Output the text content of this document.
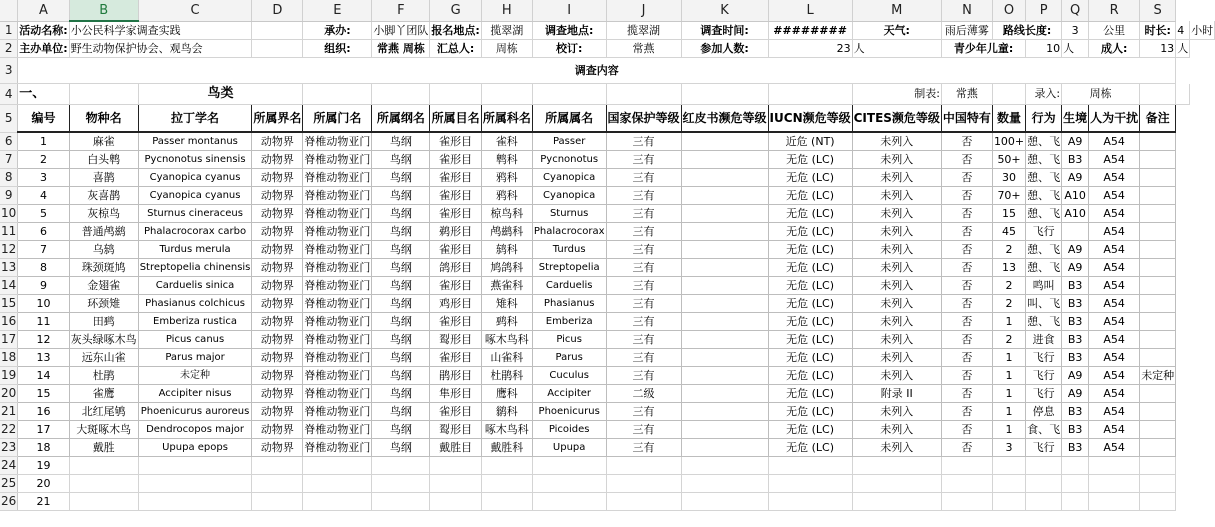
	A	B	C	D	E	F	G	H	I	J	K	L	M	N	O	P	Q	R	S		
1	活动名称:	小公民科学家调查实践			承办:	小脚丫团队	报名地点:	揽翠湖	调查地点:	揽翠湖	调查时间:	########	天气:	雨后薄雾	路线长度:		3	公里	时长:	4	小时
2	主办单位:	野生动物保护协会、观鸟会			组织:	常燕 周栋	汇总人:	周栋	校订:	常燕	参加人数:	23	人	青少年儿童:		10	人	成人:	13	人	
3	调查内容																				
4	一、		鸟类										制表:	常燕		录入:	周栋				
5	编号	物种名	拉丁学名	所属界名	所属门名	所属纲名	所属目名	所属科名	所属属名	国家保护等级	红皮书濒危等级	IUCN濒危等级	CITES濒危等级	中国特有	数量	行为	生境	人为干扰	备注		
6	1	麻雀	Passer montanus	动物界	脊椎动物亚门	鸟纲	雀形目	雀科	Passer	三有		近危 (NT)	未列入	否	100+	憩、飞	A9	A54			
7	2	白头鹎	Pycnonotus sinensis	动物界	脊椎动物亚门	鸟纲	雀形目	鹎科	Pycnonotus	三有		无危 (LC)	未列入	否	50+	憩、飞	B3	A54			
8	3	喜鹊	Cyanopica cyanus	动物界	脊椎动物亚门	鸟纲	雀形目	鸦科	Cyanopica	三有		无危 (LC)	未列入	否	30	憩、飞	A9	A54			
9	4	灰喜鹊	Cyanopica cyanus	动物界	脊椎动物亚门	鸟纲	雀形目	鸦科	Cyanopica	三有		无危 (LC)	未列入	否	70+	憩、飞	A10	A54			
10	5	灰椋鸟	Sturnus cineraceus	动物界	脊椎动物亚门	鸟纲	雀形目	椋鸟科	Sturnus	三有		无危 (LC)	未列入	否	15	憩、飞	A10	A54			
11	6	普通鸬鹚	Phalacrocorax carbo	动物界	脊椎动物亚门	鸟纲	鹈形目	鸬鹚科	Phalacrocorax	三有		无危 (LC)	未列入	否	45	飞行		A54			
12	7	乌鸫	Turdus merula	动物界	脊椎动物亚门	鸟纲	雀形目	鸫科	Turdus	三有		无危 (LC)	未列入	否	2	憩、飞	A9	A54			
13	8	珠颈斑鸠	Streptopelia chinensis	动物界	脊椎动物亚门	鸟纲	鸽形目	鸠鸽科	Streptopelia	三有		无危 (LC)	未列入	否	13	憩、飞	A9	A54			
14	9	金翅雀	Carduelis sinica	动物界	脊椎动物亚门	鸟纲	雀形目	燕雀科	Carduelis	三有		无危 (LC)	未列入	否	2	鸣叫	B3	A54			
15	10	环颈雉	Phasianus colchicus	动物界	脊椎动物亚门	鸟纲	鸡形目	雉科	Phasianus	三有		无危 (LC)	未列入	否	2	叫、飞	B3	A54			
16	11	田鹀	Emberiza rustica	动物界	脊椎动物亚门	鸟纲	雀形目	鹀科	Emberiza	三有		无危 (LC)	未列入	否	1	憩、飞	B3	A54			
17	12	灰头绿啄木鸟	Picus canus	动物界	脊椎动物亚门	鸟纲	䴕形目	啄木鸟科	Picus	三有		无危 (LC)	未列入	否	2	进食	B3	A54			
18	13	远东山雀	Parus major	动物界	脊椎动物亚门	鸟纲	雀形目	山雀科	Parus	三有		无危 (LC)	未列入	否	1	飞行	B3	A54			
19	14	杜鹃	未定种	动物界	脊椎动物亚门	鸟纲	鹃形目	杜鹃科	Cuculus	三有		无危 (LC)	未列入	否	1	飞行	A9	A54	未定种		
20	15	雀鹰	Accipiter nisus	动物界	脊椎动物亚门	鸟纲	隼形目	鹰科	Accipiter	二级		无危 (LC)	附录 II	否	1	飞行	A9	A54			
21	16	北红尾鸲	Phoenicurus auroreus	动物界	脊椎动物亚门	鸟纲	雀形目	鹟科	Phoenicurus	三有		无危 (LC)	未列入	否	1	停息	B3	A54			
22	17	大斑啄木鸟	Dendrocopos major	动物界	脊椎动物亚门	鸟纲	䴕形目	啄木鸟科	Picoides	三有		无危 (LC)	未列入	否	1	食、飞	B3	A54			
23	18	戴胜	Upupa epops	动物界	脊椎动物亚门	鸟纲	戴胜目	戴胜科	Upupa	三有		无危 (LC)	未列入	否	3	飞行	B3	A54			
24	19																				
25	20																				
26	21																				
